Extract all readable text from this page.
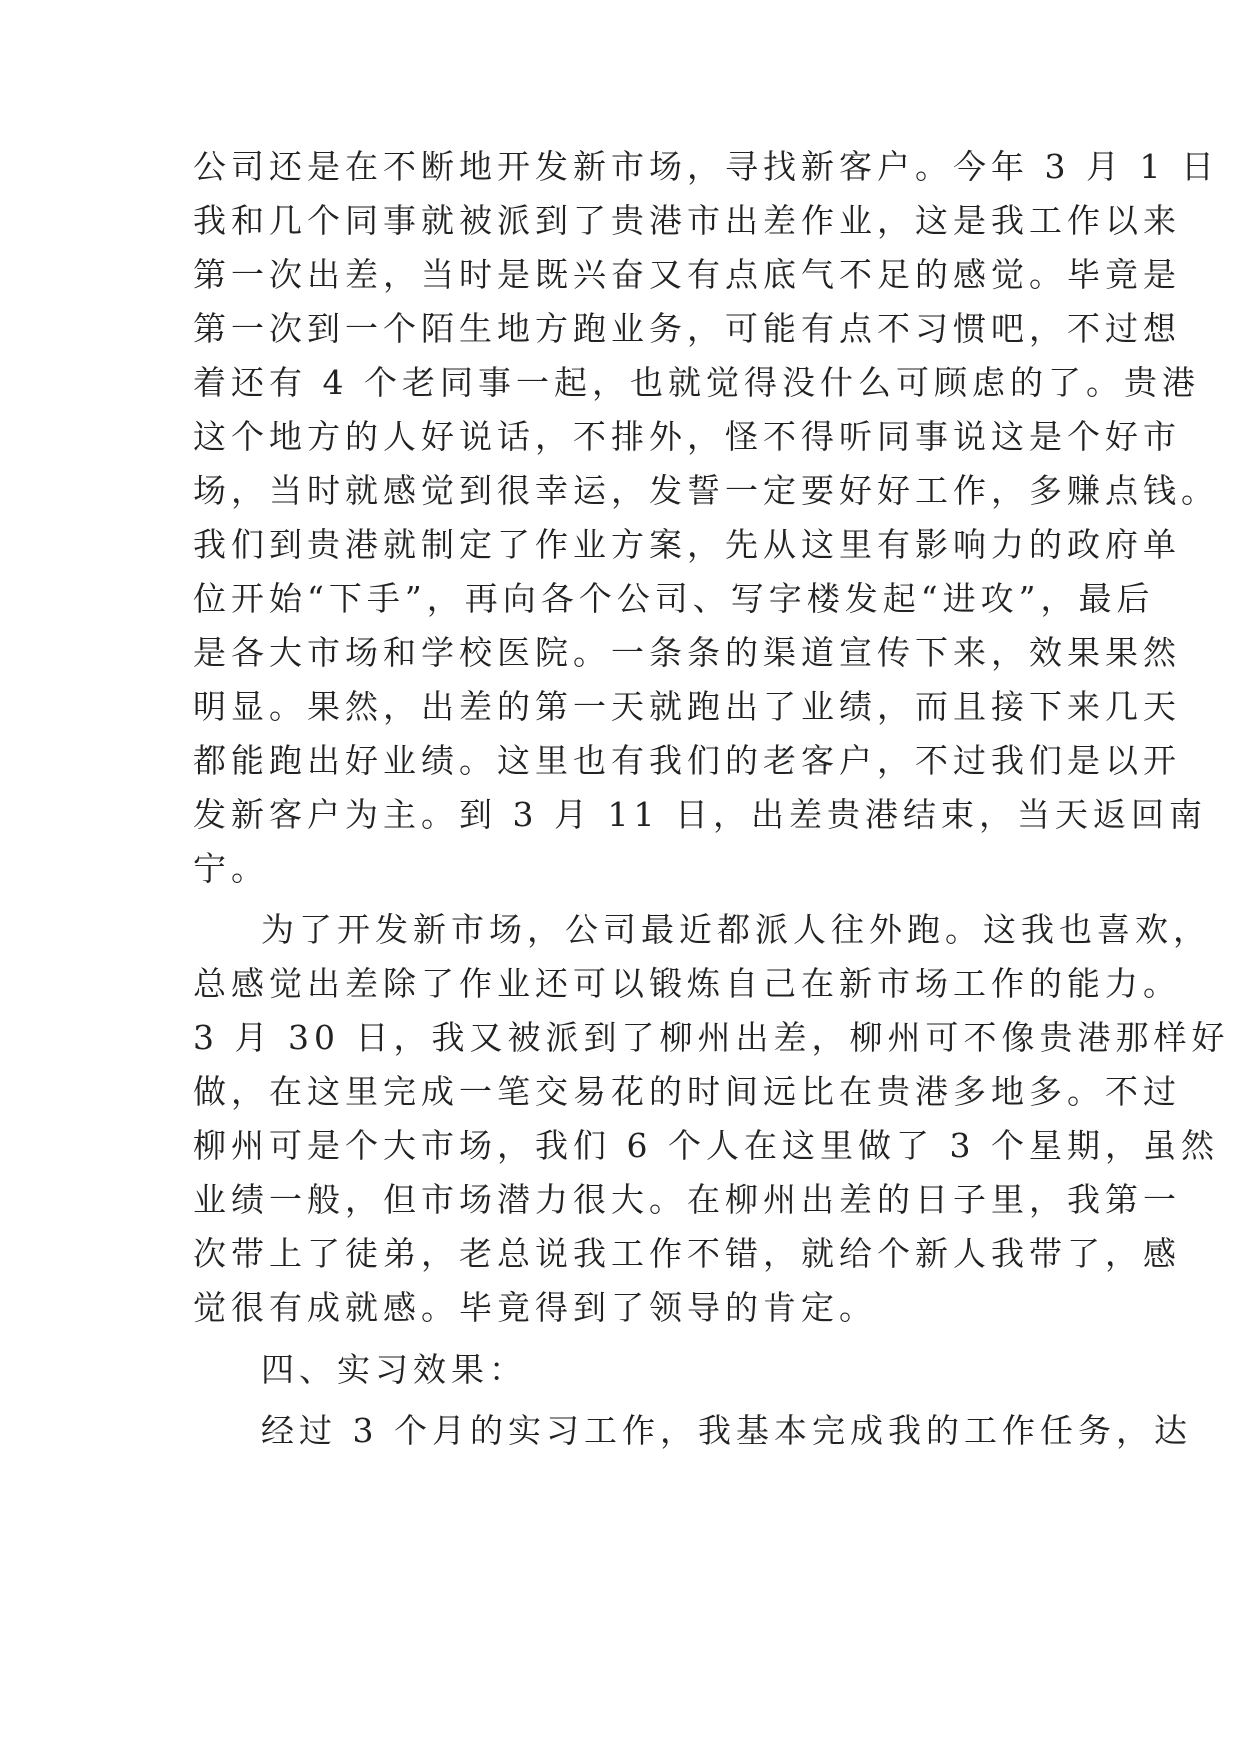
公司还是在不断地开发新市场，寻找新客户。今年 3 月 1 日
我和几个同事就被派到了贵港市出差作业，这是我工作以来
第一次出差，当时是既兴奋又有点底气不足的感觉。毕竟是
第一次到一个陌生地方跑业务，可能有点不习惯吧，不过想
着还有 4 个老同事一起，也就觉得没什么可顾虑的了。贵港
这个地方的人好说话，不排外，怪不得听同事说这是个好市
场，当时就感觉到很幸运，发誓一定要好好工作，多赚点钱。
我们到贵港就制定了作业方案，先从这里有影响力的政府单
位开始“下手”，再向各个公司、写字楼发起“进攻”，最后
是各大市场和学校医院。一条条的渠道宣传下来，效果果然
明显。果然，出差的第一天就跑出了业绩，而且接下来几天
都能跑出好业绩。这里也有我们的老客户，不过我们是以开
发新客户为主。到 3 月 11 日，出差贵港结束，当天返回南
宁。
为了开发新市场，公司最近都派人往外跑。这我也喜欢，
总感觉出差除了作业还可以锻炼自己在新市场工作的能力。
3 月 30 日，我又被派到了柳州出差，柳州可不像贵港那样好
做，在这里完成一笔交易花的时间远比在贵港多地多。不过
柳州可是个大市场，我们 6 个人在这里做了 3 个星期，虽然
业绩一般，但市场潜力很大。在柳州出差的日子里，我第一
次带上了徒弟，老总说我工作不错，就给个新人我带了，感
觉很有成就感。毕竟得到了领导的肯定。
四、实习效果：
经过 3 个月的实习工作，我基本完成我的工作任务，达
